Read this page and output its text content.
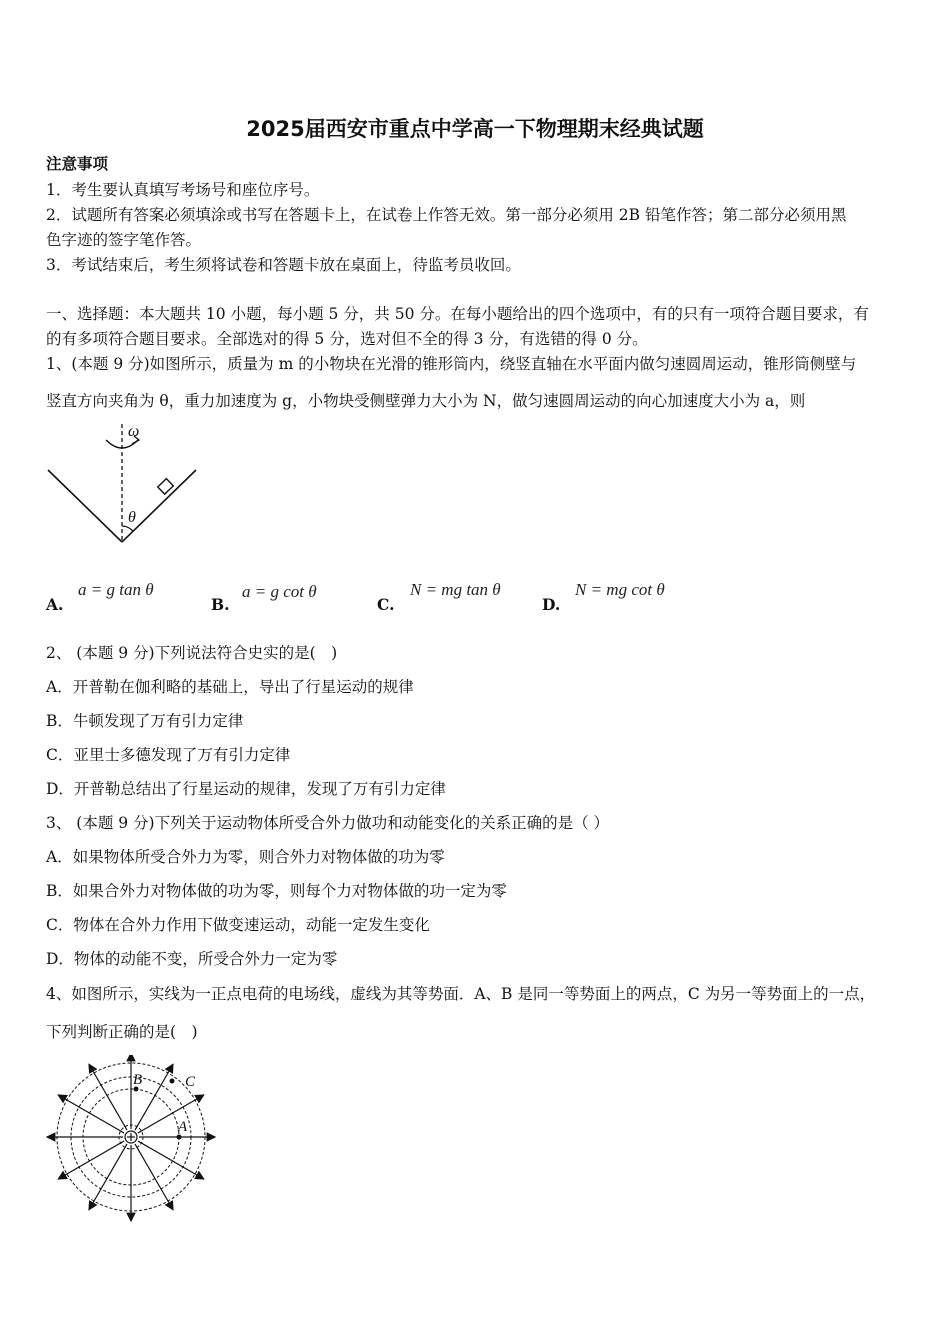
2025届西安市重点中学高一下物理期末经典试题
注意事项
1．考生要认真填写考场号和座位序号。
2．试题所有答案必须填涂或书写在答题卡上，在试卷上作答无效。第一部分必须用 2B 铅笔作答；第二部分必须用黑
色字迹的签字笔作答。
3．考试结束后，考生须将试卷和答题卡放在桌面上，待监考员收回。
一、选择题：本大题共 10 小题，每小题 5 分，共 50 分。在每小题给出的四个选项中，有的只有一项符合题目要求，有
的有多项符合题目要求。全部选对的得 5 分，选对但不全的得 3 分，有选错的得 0 分。
1、(本题 9 分)如图所示，质量为 m 的小物块在光滑的锥形筒内，绕竖直轴在水平面内做匀速圆周运动，锥形筒侧壁与
竖直方向夹角为 θ，重力加速度为 g，小物块受侧壁弹力大小为 N，做匀速圆周运动的向心加速度大小为 a，则
ω
θ
A.
a = g tan θ
B.
a = g cot θ
C.
N = mg tan θ
D.
N = mg cot θ
2、 (本题 9 分)下列说法符合史实的是(　)
A．开普勒在伽利略的基础上，导出了行星运动的规律
B．牛顿发现了万有引力定律
C．亚里士多德发现了万有引力定律
D．开普勒总结出了行星运动的规律，发现了万有引力定律
3、 (本题 9 分)下列关于运动物体所受合外力做功和动能变化的关系正确的是（ ）
A．如果物体所受合外力为零，则合外力对物体做的功为零
B．如果合外力对物体做的功为零，则每个力对物体做的功一定为零
C．物体在合外力作用下做变速运动，动能一定发生变化
D．物体的动能不变，所受合外力一定为零
4、如图所示，实线为一正点电荷的电场线，虚线为其等势面．A、B 是同一等势面上的两点，C 为另一等势面上的一点，
下列判断正确的是(　)
A
B	C
